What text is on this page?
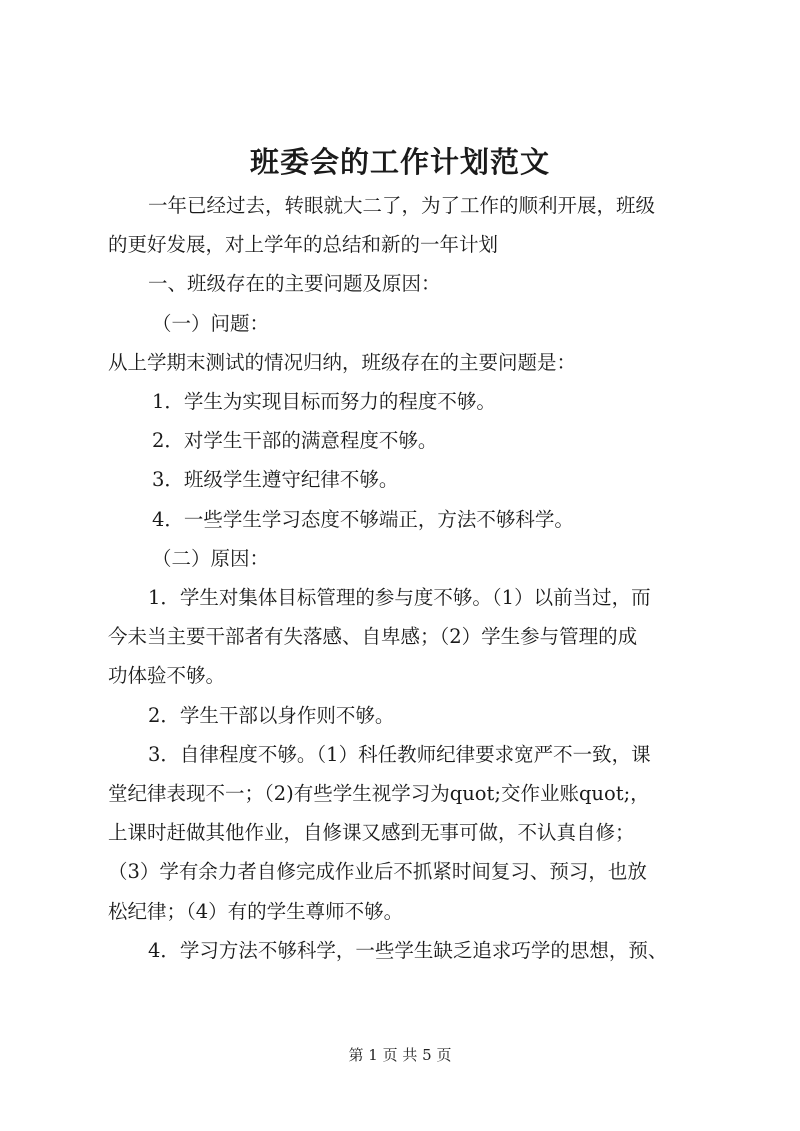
班委会的工作计划范文
一年已经过去，转眼就大二了，为了工作的顺利开展，班级
的更好发展，对上学年的总结和新的一年计划
一、班级存在的主要问题及原因：
（一）问题：
从上学期末测试的情况归纳，班级存在的主要问题是：
1．学生为实现目标而努力的程度不够。
2．对学生干部的满意程度不够。
3．班级学生遵守纪律不够。
4．一些学生学习态度不够端正，方法不够科学。
（二）原因：
1．学生对集体目标管理的参与度不够。（1）以前当过，而
今未当主要干部者有失落感、自卑感；（2）学生参与管理的成
功体验不够。
2．学生干部以身作则不够。
3．自律程度不够。（1）科任教师纪律要求宽严不一致，课
堂纪律表现不一；（2)有些学生视学习为quot;交作业账quot;，
上课时赶做其他作业，自修课又感到无事可做，不认真自修；
（3）学有余力者自修完成作业后不抓紧时间复习、预习，也放
松纪律；（4）有的学生尊师不够。
4．学习方法不够科学，一些学生缺乏追求巧学的思想，预、
第 1 页 共 5 页
